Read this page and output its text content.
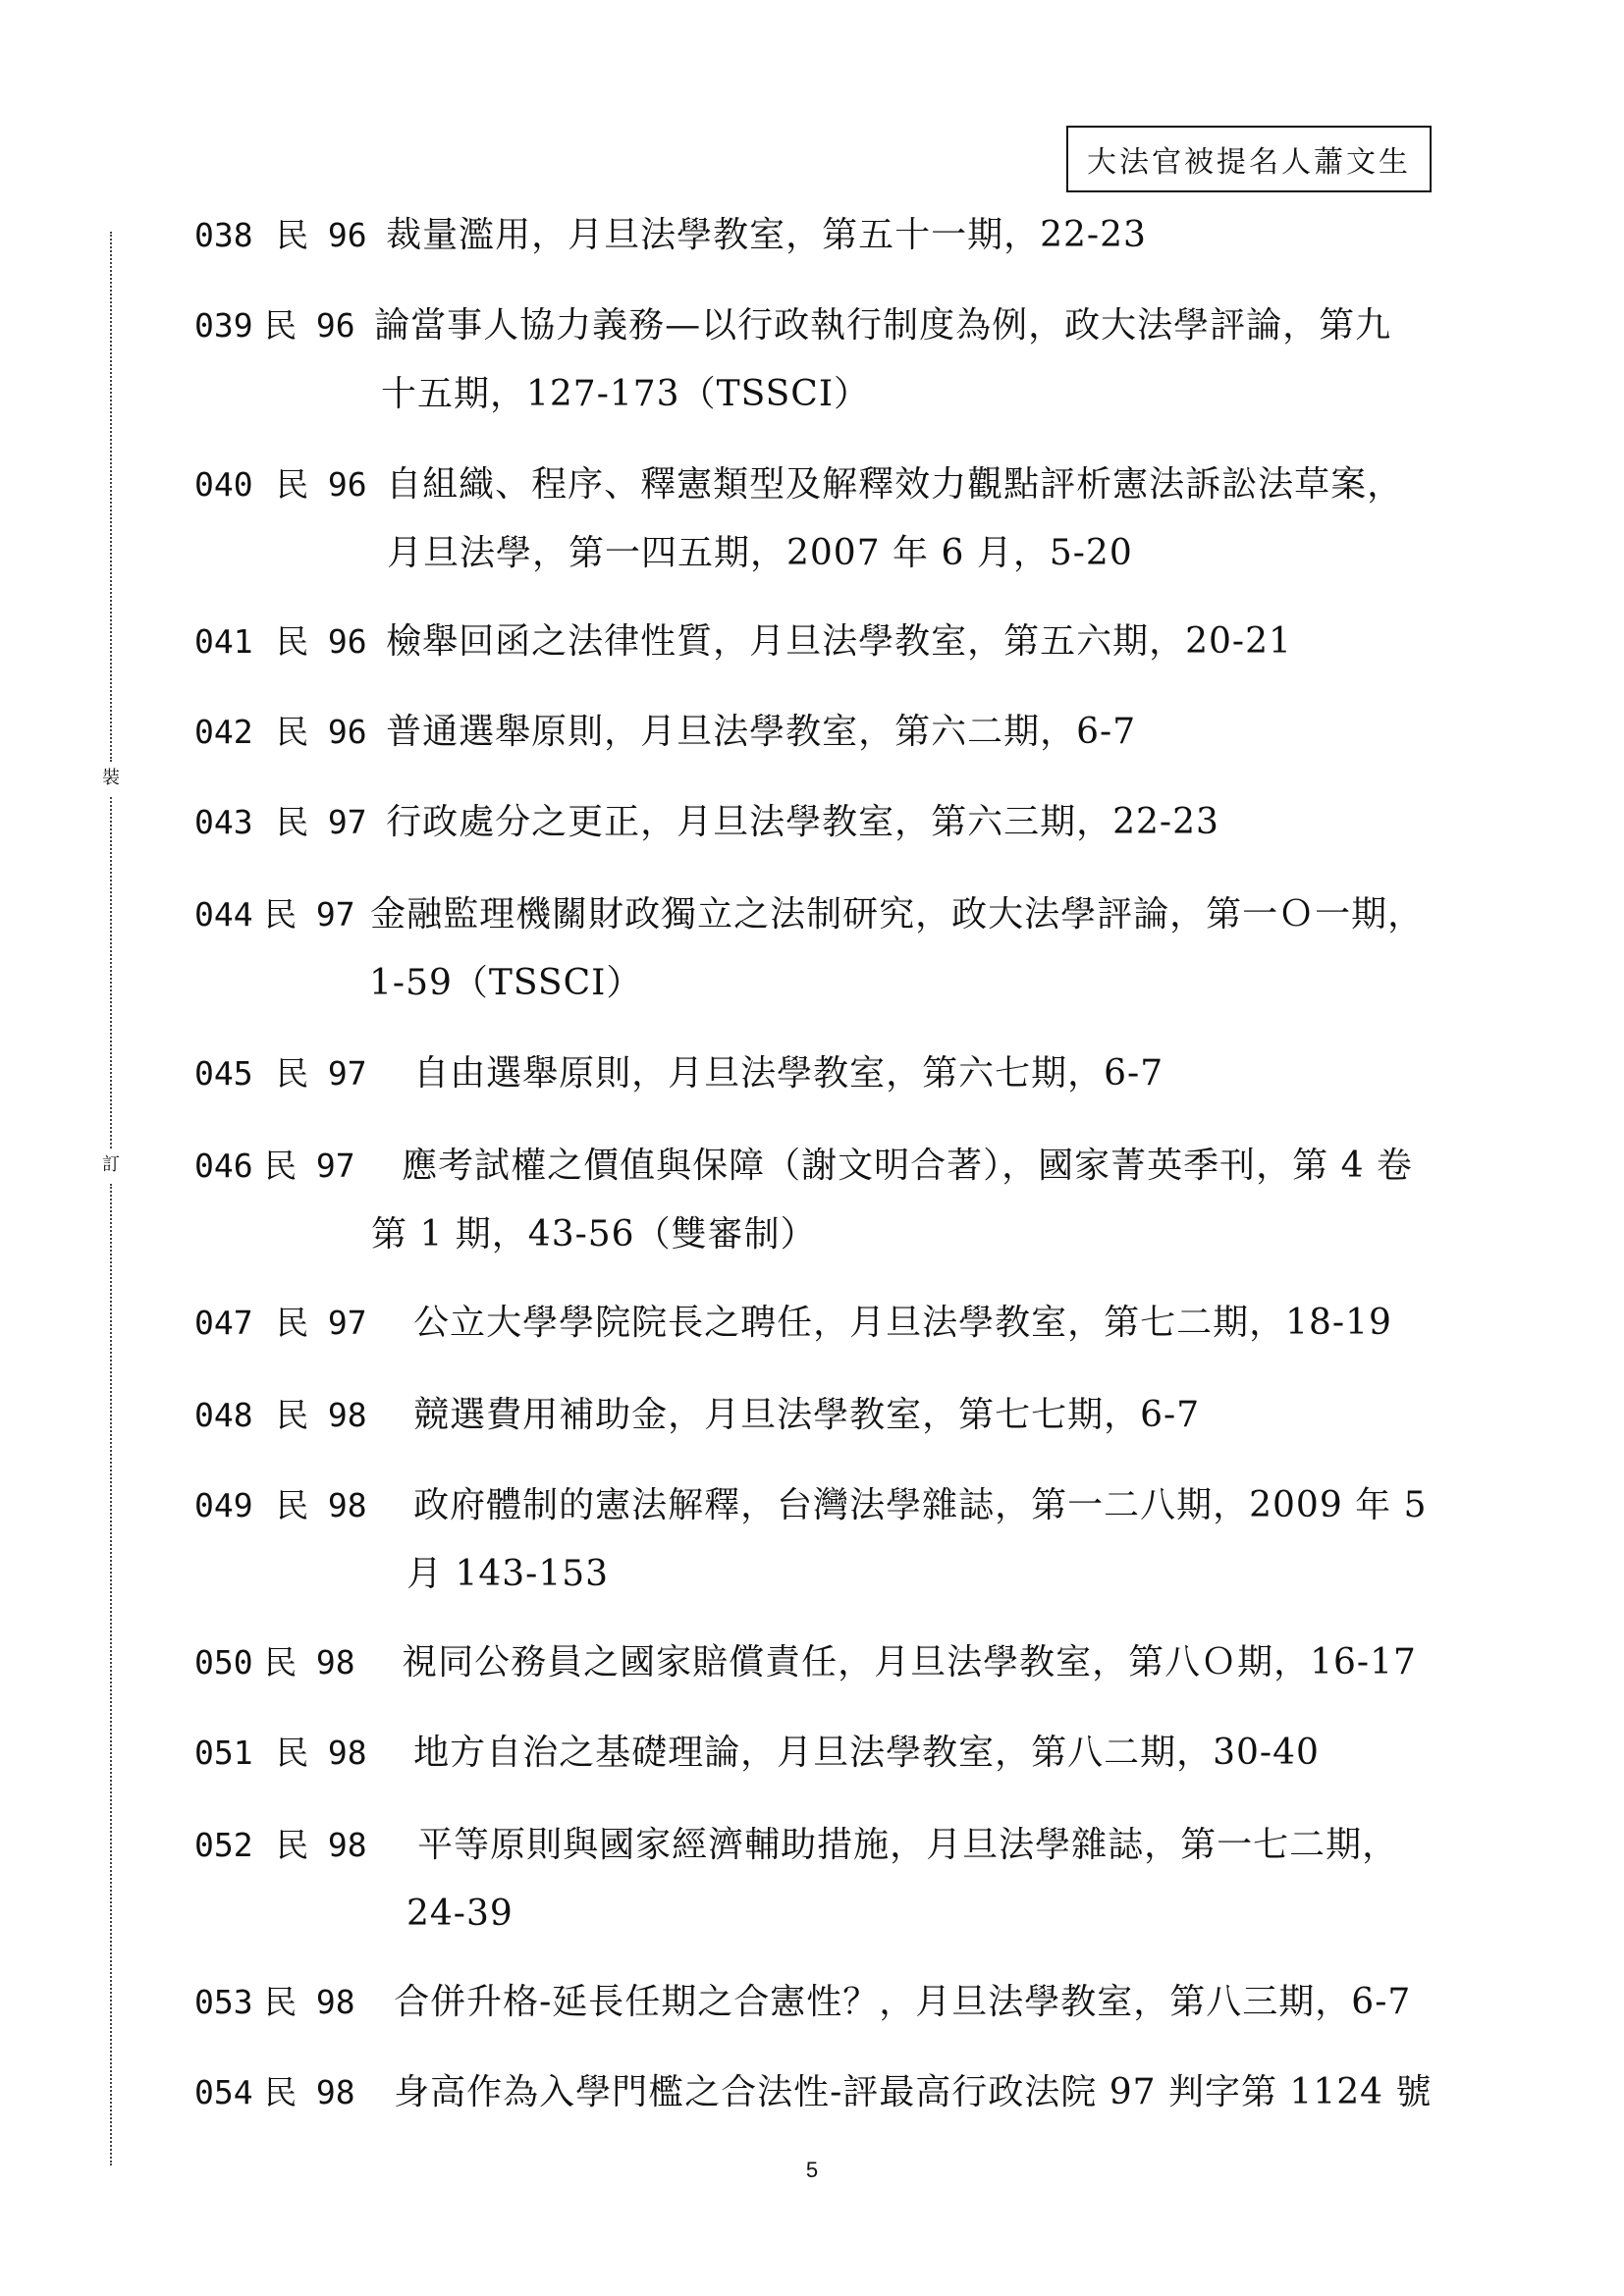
大法官被提名人蕭文生
裝
訂
038 民 96 裁量濫用，月旦法學教室，第五十一期，22-23
039 民 96 論當事人協力義務—以行政執行制度為例，政大法學評論，第九
十五期，127-173（TSSCI）
040 民 96 自組織、程序、釋憲類型及解釋效力觀點評析憲法訴訟法草案，
月旦法學，第一四五期，2007 年 6 月，5-20
041 民 96 檢舉回函之法律性質，月旦法學教室，第五六期，20-21
042 民 96 普通選舉原則，月旦法學教室，第六二期，6-7
043 民 97 行政處分之更正，月旦法學教室，第六三期，22-23
044 民 97 金融監理機關財政獨立之法制研究，政大法學評論，第一Ｏ一期，
1-59（TSSCI）
045 民 97 自由選舉原則，月旦法學教室，第六七期，6-7
046 民 97 應考試權之價值與保障（謝文明合著），國家菁英季刊，第 4 卷
第 1 期，43-56（雙審制）
047 民 97 公立大學學院院長之聘任，月旦法學教室，第七二期，18-19
048 民 98 競選費用補助金，月旦法學教室，第七七期，6-7
049 民 98 政府體制的憲法解釋，台灣法學雜誌，第一二八期，2009 年 5
月 143-153
050 民 98 視同公務員之國家賠償責任，月旦法學教室，第八Ｏ期，16-17
051 民 98 地方自治之基礎理論，月旦法學教室，第八二期，30-40
052 民 98 平等原則與國家經濟輔助措施，月旦法學雜誌，第一七二期，
24-39
053 民 98 合併升格-延長任期之合憲性？，月旦法學教室，第八三期，6-7
054 民 98 身高作為入學門檻之合法性-評最高行政法院 97 判字第 1124 號
5
